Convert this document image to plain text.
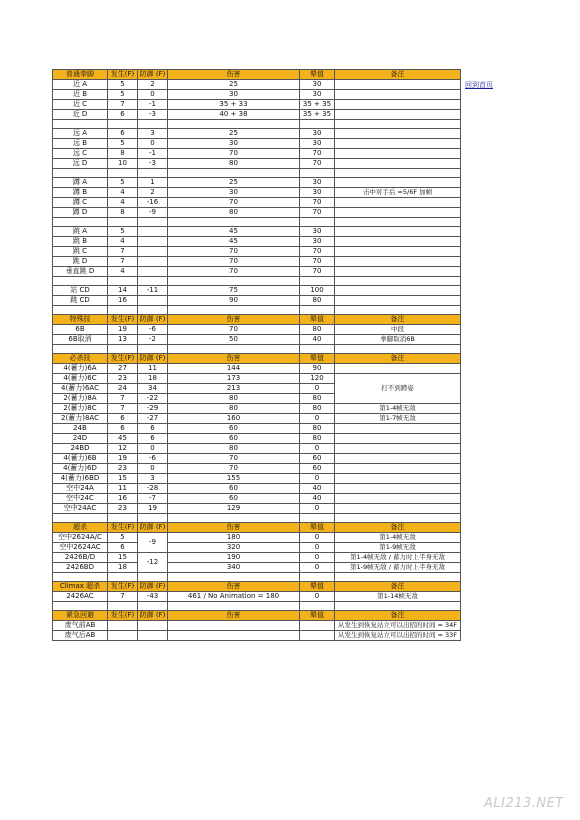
普通拳脚	发生(F)	防御 (F)	伤害	晕值	备注
近 A	5	2	25	30	
近 B	5	0	30	30	
近 C	7	-1	35 + 33	35 + 35	
近 D	6	-3	40 + 38	35 + 35	

远 A	6	3	25	30	
远 B	5	0	30	30	
远 C	8	-1	70	70	
远 D	10	-3	80	70	

蹲 A	5	1	25	30	
蹲 B	4	2	30	30	击中对手后 =5/6F 加帧
蹲 C	4	-16	70	70	
蹲 D	8	-9	80	70	

跳 A	5		45	30	
跳 B	4		45	30	
跳 C	7		70	70	
跳 D	7		70	70	
垂直跳 D	4		70	70	

站 CD	14	-11	75	100	
跳 CD	16		90	80	

特殊技	发生(F)	防御 (F)	伤害	晕值	备注
6B	19	-6	70	80	中段
6B取消	13	-2	50	40	拳脚取消6B

必杀技	发生(F)	防御 (F)	伤害	晕值	备注
4(蓄力)6A	27	11	144	90	
4(蓄力)6C	23	18	173	120	打不到蹲姿
4(蓄力)6AC	24	34	213	0	
2(蓄力)8A	7	-22	80	80	
2(蓄力)8C	7	-29	80	80	第1-4帧无敌
2(蓄力)8AC	6	-27	160	0	第1-7帧无敌
24B	6	6	60	80	
24D	45	6	60	80	
24BD	12	0	80	0	
4(蓄力)6B	19	-6	70	60	
4(蓄力)6D	23	0	70	60	
4(蓄力)6BD	15	3	155	0	
空中24A	11	-28	60	40	
空中24C	16	-7	60	40	
空中24AC	23	19	129	0	

超杀	发生(F)	防御 (F)	伤害	晕值	备注
空中2624A/C	5	-9	180	0	第1-4帧无敌
空中2624AC	6		320	0	第1-9帧无敌
2426B/D	15	-12	190	0	第1-4帧无敌 / 蓄力时上半身无敌
2426BD	18		340	0	第1-9帧无敌 / 蓄力时上半身无敌

Climax 超杀	发生(F)	防御 (F)	伤害	晕值	备注
2426AC	7	-43	461 / No Animation = 180	0	第1-14帧无敌

紧急回避	发生(F)	防御 (F)	伤害	晕值	备注
废气前AB					从发生到恢复站立可以出招的时间 = 34F
废气后AB					从发生到恢复站立可以出招的时间 = 33F
回到首页
ALI213.NET
